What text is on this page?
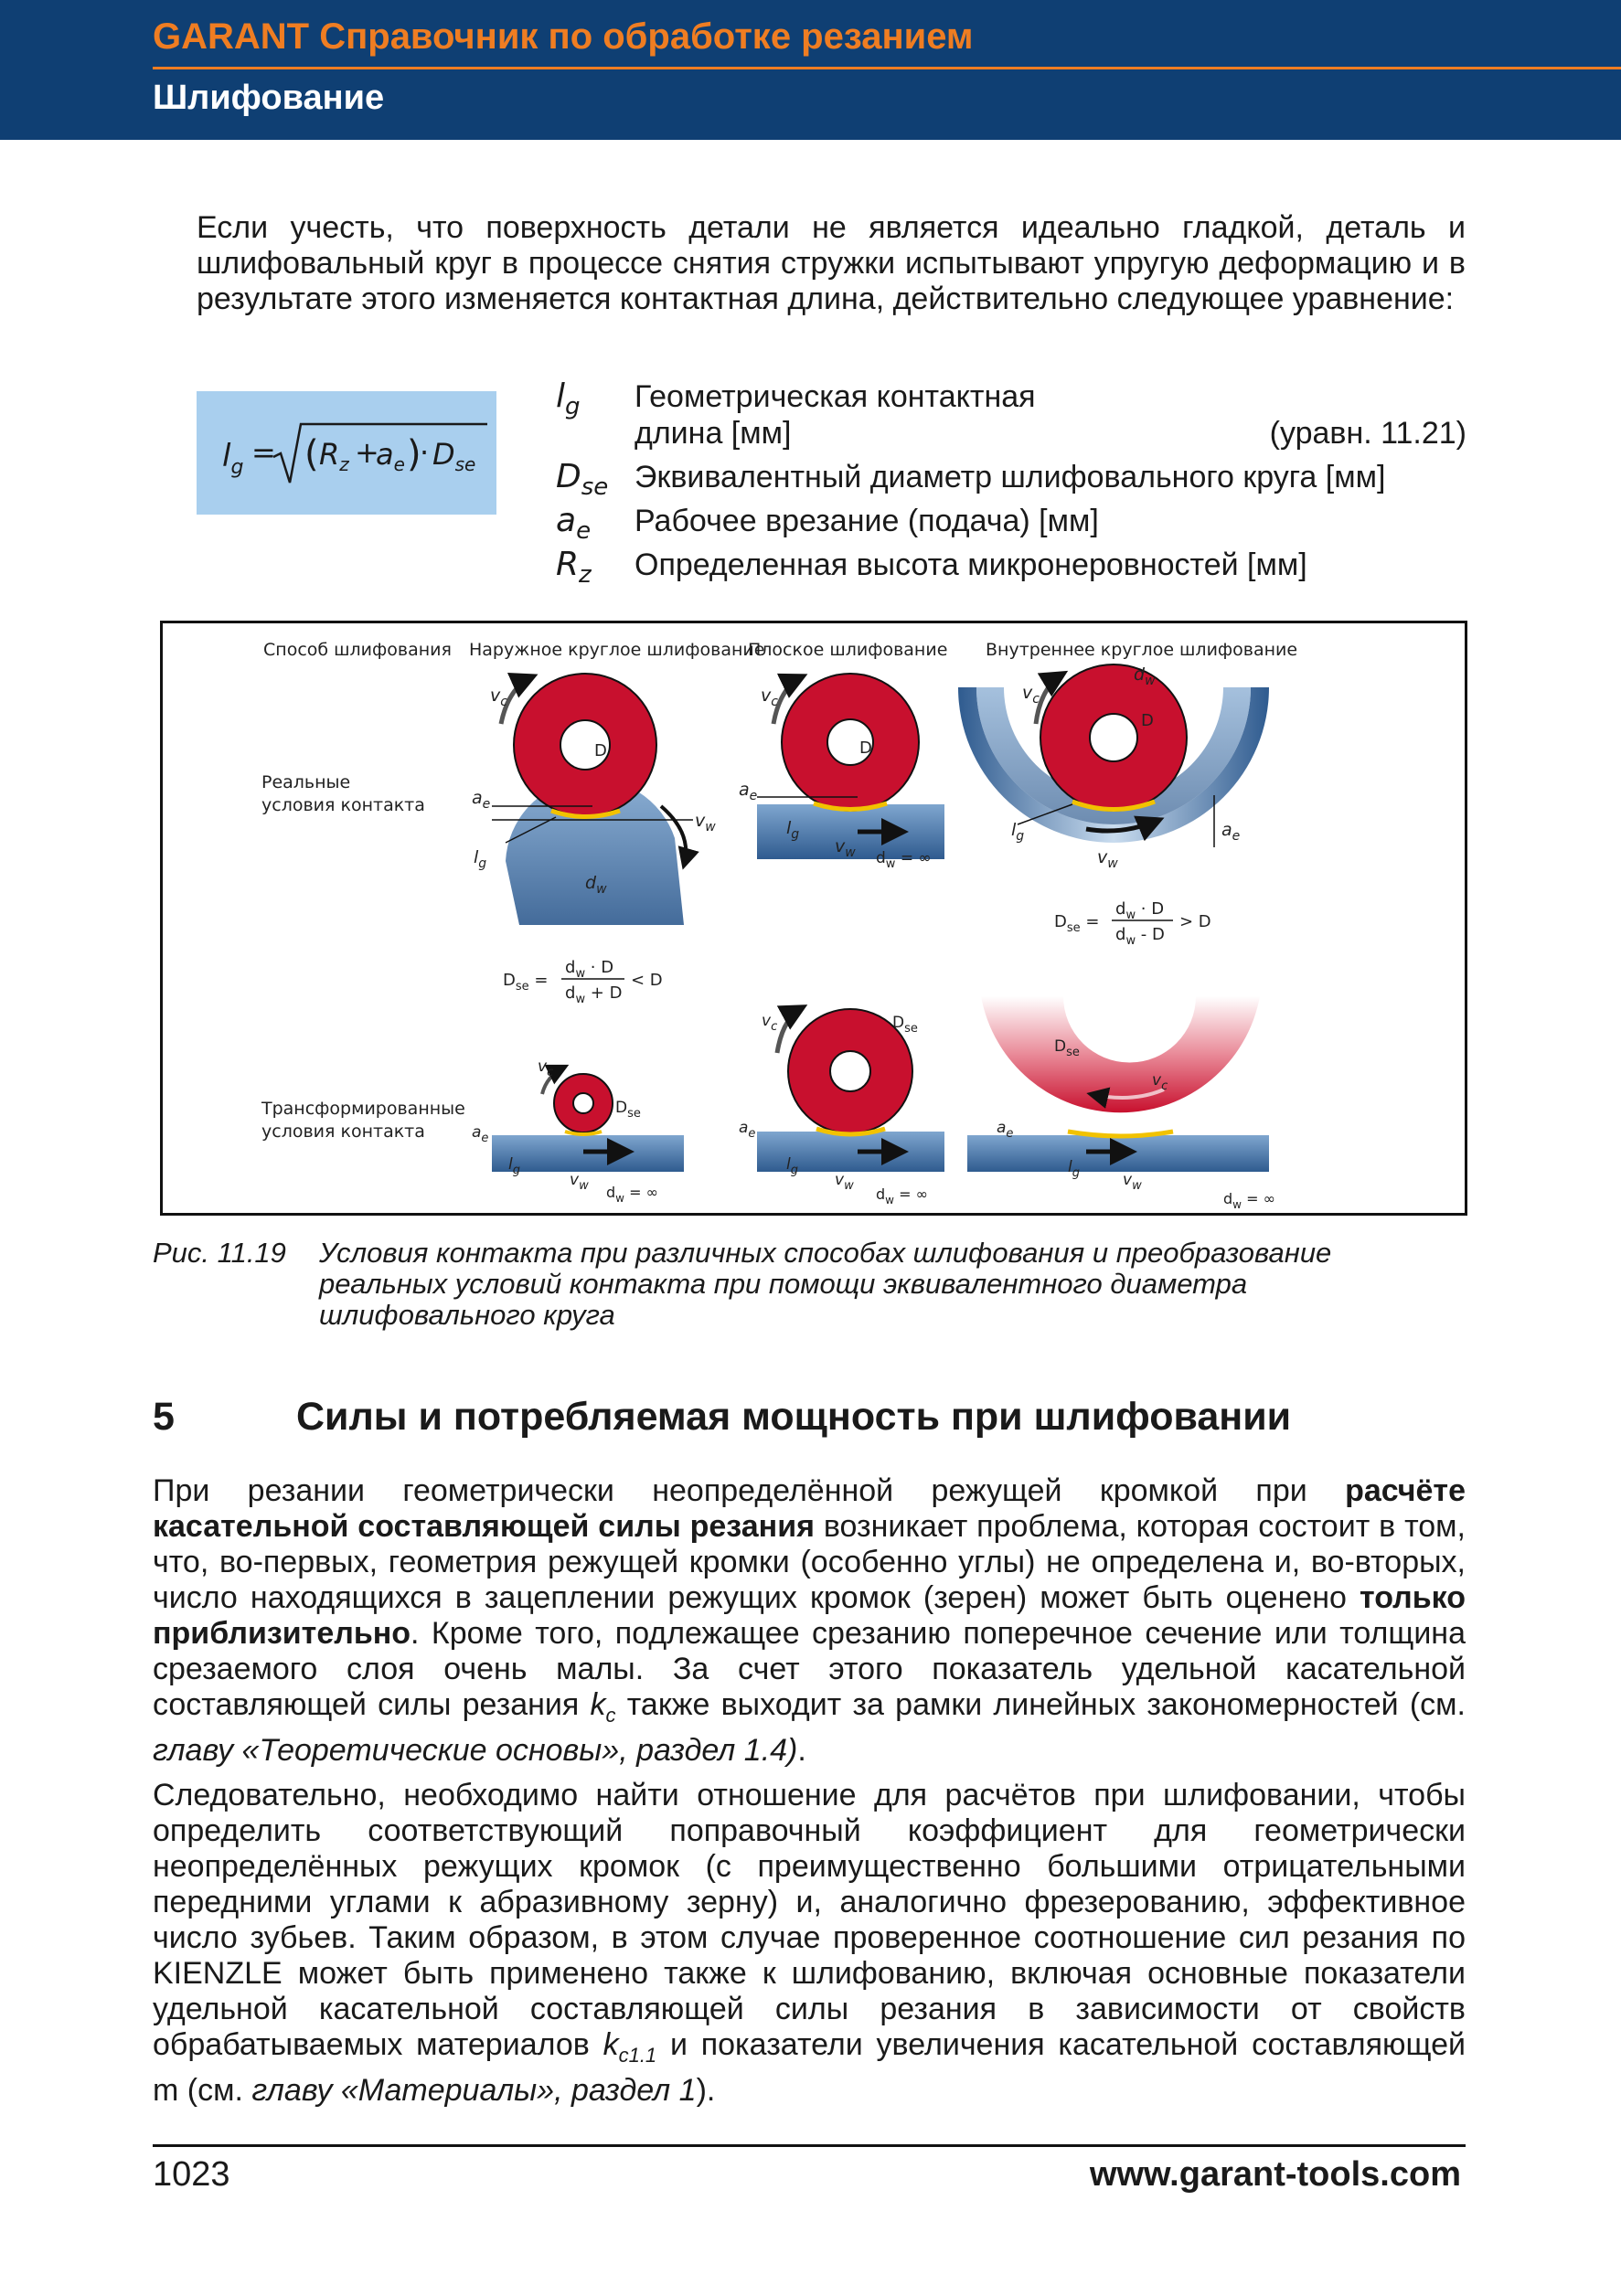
GARANT Справочник по обработке резанием
Шлифование

Если учесть, что поверхность детали не является идеально гладкой, деталь и шлифовальный круг в процессе снятия стружки испытывают упругую деформацию и в результате этого изменяется контактная длина, действительно следующее уравнение:

$l_g$ = ( $R_z$ +
$a_e$ )
· $D_{se}$
$l_g$ Геометрическая контактная длина [мм]	(уравн. 11.21)
$D_{se}$ Эквивалентный диаметр шлифовального круга [мм]
$a_e$ Рабочее врезание (подача) [мм]
$R_z$ Определенная высота микронеровностей [мм]
Способ шлифования Наружное круглое шлифование
Плоское шлифование Внутреннее круглое шлифование
Реальные
условия контакта
Трансформированные
условия контакта
$v_c$
D
$a_e$
$l_g$
$v_w$
$d_w$
$v_c$
D
$a_e$
$l_g$
$v_w$ $d_w$ = ∞
$v_c$
D
$d_w$
$l_g$
$v_w$
$a_e$
$D_{se}$ =
$d_w \cdot D$
$d_w$ - D
> D
$D_{se}$ =
$d_w \cdot D$
$d_w + D$
< D
$v_c$
$D_{se}$
$a_e$
$l_g$
$v_w$ $d_w$ = ∞
$v_c$	$D_{se}$
$a_e$
$l_g$
$v_w$ $d_w$ = ∞
$D_{se}$
$v_c$
$a_e$
$l_g$	$v_w$
$d_w$ = ∞
Рис. 11.19 Условия контакта при различных способах шлифования и преобразование реальных условий контакта при помощи эквивалентного диаметра шлифовального круга
5	Силы и потребляемая мощность при шлифовании

При резании геометрически неопределённой режущей кромкой при расчёте касательной составляющей силы резания возникает проблема, которая состоит в том, что, во-первых, геометрия режущей кромки (особенно углы) не определена и, во-вторых, число находящихся в зацеплении режущих кромок (зерен) может быть оценено только приблизительно. Кроме того, подлежащее срезанию поперечное сечение или толщина срезаемого слоя очень малы. За счет этого показатель удельной касательной составляющей силы резания $k_c$ также выходит за рамки линейных закономерностей (см. главу «Теоретические основы», раздел 1.4).

Следовательно, необходимо найти отношение для расчётов при шлифовании, чтобы определить соответствующий поправочный коэффициент для геометрически неопределённых режущих кромок (с преимущественно большими отрицательными передними углами к абразивному зерну) и, аналогично фрезерованию, эффективное число зубьев. Таким образом, в этом случае проверенное соотношение сил резания по KIENZLE может быть применено также к шлифованию, включая основные показатели удельной касательной составляющей силы резания в зависимости от свойств обрабатываемых материалов $k_{c1.1}$ и показатели увеличения касательной составляющей m (см. главу «Материалы», раздел 1).

1023	www.garant-tools.com
